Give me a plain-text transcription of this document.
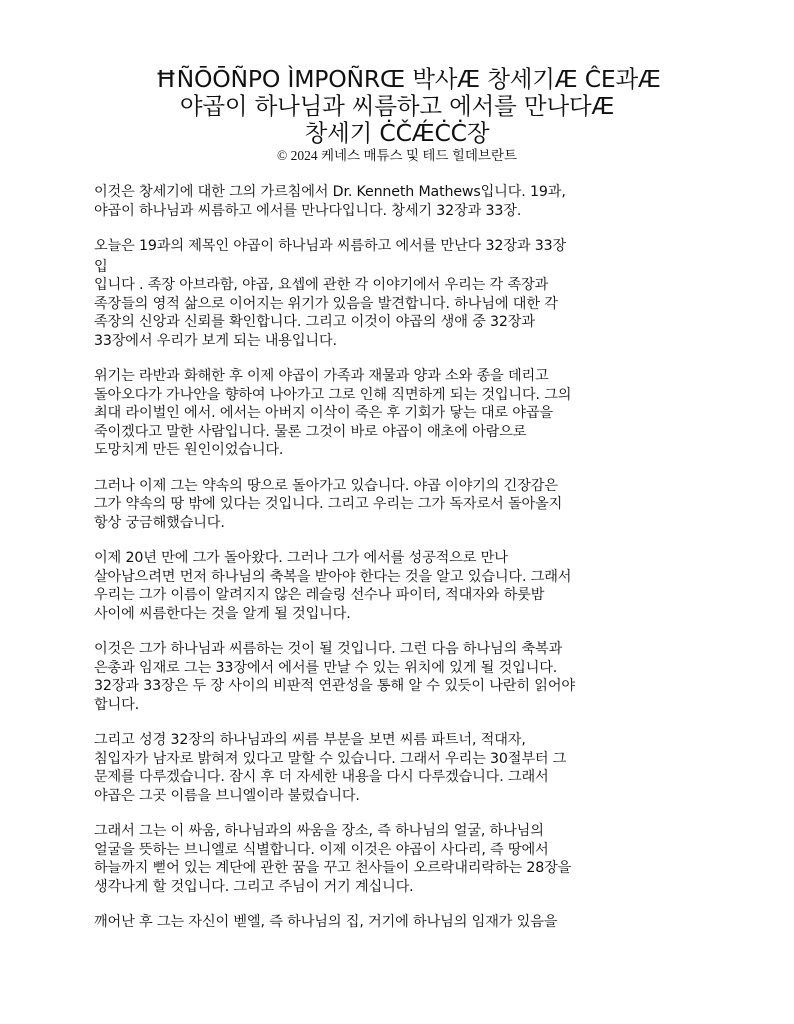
ĦÑŌŌÑPO ÌMPOÑRŒ 박사Æ 창세기Æ ĈE과Æ
야곱이 하나님과 씨름하고 에서를 만나다Æ
창세기 ĊČǼĊĊ장
© 2024 케네스 매튜스 및 테드 힐데브란트
이것은 창세기에 대한 그의 가르침에서 Dr. Kenneth Mathews입니다. 19과,
야곱이 하나님과 씨름하고 에서를 만나다입니다. 창세기 32장과 33장.
오늘은 19과의 제목인 야곱이 하나님과 씨름하고 에서를 만난다 32장과 33장
입
입니다 . 족장 아브라함, 야곱, 요셉에 관한 각 이야기에서 우리는 각 족장과
족장들의 영적 삶으로 이어지는 위기가 있음을 발견합니다. 하나님에 대한 각
족장의 신앙과 신뢰를 확인합니다. 그리고 이것이 야곱의 생애 중 32장과
33장에서 우리가 보게 되는 내용입니다.
위기는 라반과 화해한 후 이제 야곱이 가족과 재물과 양과 소와 종을 데리고
돌아오다가 가나안을 향하여 나아가고 그로 인해 직면하게 되는 것입니다. 그의
최대 라이벌인 에서. 에서는 아버지 이삭이 죽은 후 기회가 닿는 대로 야곱을
죽이겠다고 말한 사람입니다. 물론 그것이 바로 야곱이 애초에 아람으로
도망치게 만든 원인이었습니다.
그러나 이제 그는 약속의 땅으로 돌아가고 있습니다. 야곱 이야기의 긴장감은
그가 약속의 땅 밖에 있다는 것입니다. 그리고 우리는 그가 독자로서 돌아올지
항상 궁금해했습니다.
이제 20년 만에 그가 돌아왔다. 그러나 그가 에서를 성공적으로 만나
살아남으려면 먼저 하나님의 축복을 받아야 한다는 것을 알고 있습니다. 그래서
우리는 그가 이름이 알려지지 않은 레슬링 선수나 파이터, 적대자와 하룻밤
사이에 씨름한다는 것을 알게 될 것입니다.
이것은 그가 하나님과 씨름하는 것이 될 것입니다. 그런 다음 하나님의 축복과
은총과 임재로 그는 33장에서 에서를 만날 수 있는 위치에 있게 될 것입니다.
32장과 33장은 두 장 사이의 비판적 연관성을 통해 알 수 있듯이 나란히 읽어야
합니다.
그리고 성경 32장의 하나님과의 씨름 부분을 보면 씨름 파트너, 적대자,
침입자가 남자로 밝혀져 있다고 말할 수 있습니다. 그래서 우리는 30절부터 그
문제를 다루겠습니다. 잠시 후 더 자세한 내용을 다시 다루겠습니다. 그래서
야곱은 그곳 이름을 브니엘이라 불렀습니다.
그래서 그는 이 싸움, 하나님과의 싸움을 장소, 즉 하나님의 얼굴, 하나님의
얼굴을 뜻하는 브니엘로 식별합니다. 이제 이것은 야곱이 사다리, 즉 땅에서
하늘까지 뻗어 있는 계단에 관한 꿈을 꾸고 천사들이 오르락내리락하는 28장을
생각나게 할 것입니다. 그리고 주님이 거기 계십니다.
깨어난 후 그는 자신이 벧엘, 즉 하나님의 집, 거기에 하나님의 임재가 있음을
